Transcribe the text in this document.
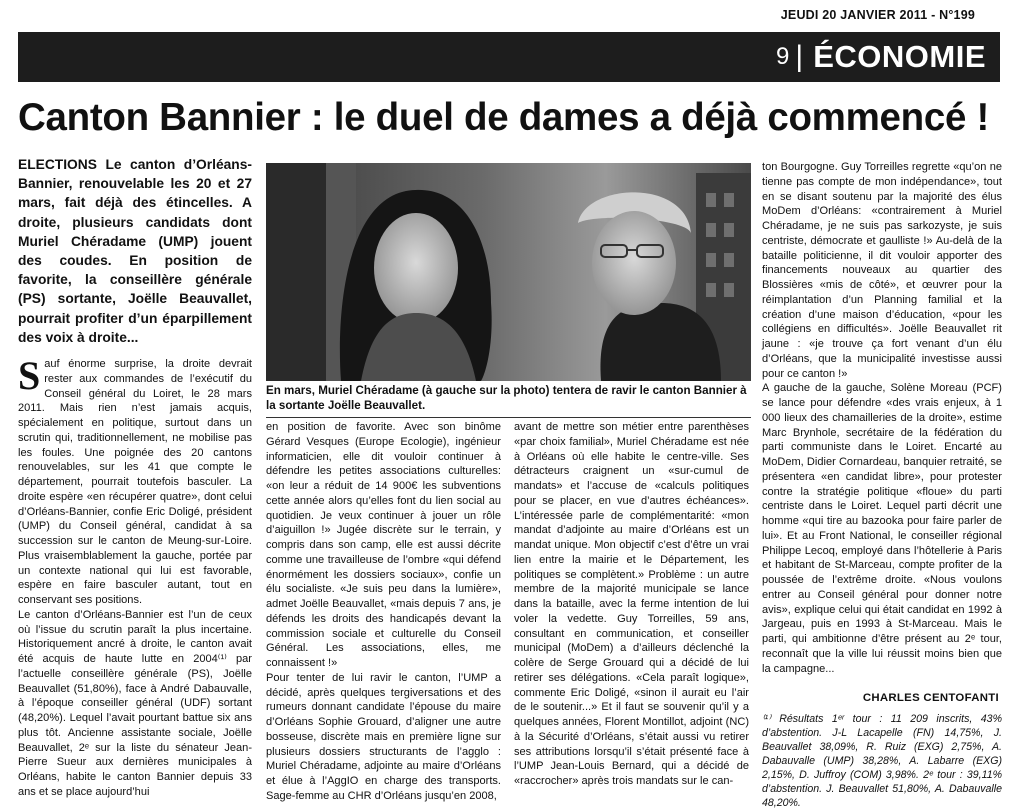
JEUDI 20 JANVIER 2011 - N°199
9 | ÉCONOMIE
Canton Bannier : le duel de dames a déjà commencé !
ELECTIONS Le canton d’Orléans-Bannier, renouvelable les 20 et 27 mars, fait déjà des étincelles. A droite, plusieurs candidats dont Muriel Chéradame (UMP) jouent des coudes. En position de favorite, la conseillère générale (PS) sortante, Joëlle Beauvallet, pourrait profiter d’un éparpillement des voix à droite...

Sauf énorme surprise, la droite devrait rester aux commandes de l’exécutif du Conseil général du Loiret, le 28 mars 2011. Mais rien n’est jamais acquis, spécialement en politique, surtout dans un scrutin qui, traditionnellement, ne mobilise pas les foules. Une poignée des 20 cantons renouvelables, sur les 41 que compte le département, pourrait toutefois basculer. La droite espère «en récupérer quatre», dont celui d’Orléans-Bannier, confie Eric Doligé, président (UMP) du Conseil général, candidat à sa succession sur le canton de Meung-sur-Loire. Plus vraisemblablement la gauche, portée par un contexte national qui lui est favorable, espère en faire basculer autant, tout en conservant ses positions.

Le canton d’Orléans-Bannier est l’un de ceux où l’issue du scrutin paraît la plus incertaine. Historiquement ancré à droite, le canton avait été acquis de haute lutte en 2004⁽¹⁾ par l’actuelle conseillère générale (PS), Joëlle Beauvallet (51,80%), face à André Dabauvalle, à l’époque conseiller général (UDF) sortant (48,20%). Lequel l’avait pourtant battue six ans plus tôt. Ancienne assistante sociale, Joëlle Beauvallet, 2ᵉ sur la liste du sénateur Jean-Pierre Sueur aux dernières municipales à Orléans, habite le canton Bannier depuis 33 ans et se place aujourd’hui

En mars, Muriel Chéradame (à gauche sur la photo) tentera de ravir le canton Bannier à la sortante Joëlle Beauvallet.

en position de favorite. Avec son binôme Gérard Vesques (Europe Ecologie), ingénieur informaticien, elle dit vouloir continuer à défendre les petites associations culturelles: «on leur a réduit de 14 900€ les subventions cette année alors qu’elles font du lien social au quotidien. Je veux continuer à jouer un rôle d’aiguillon !» Jugée discrète sur le terrain, y compris dans son camp, elle est aussi décrite comme une travailleuse de l’ombre «qui défend énormément les dossiers sociaux», confie un élu socialiste. «Je suis peu dans la lumière», admet Joëlle Beauvallet, «mais depuis 7 ans, je défends les droits des handicapés devant la commission sociale et culturelle du Conseil Général. Les associations, elles, me connaissent !»

Pour tenter de lui ravir le canton, l’UMP a décidé, après quelques tergiversations et des rumeurs donnant candidate l’épouse du maire d’Orléans Sophie Grouard, d’aligner une autre bosseuse, discrète mais en première ligne sur plusieurs dossiers structurants de l’agglo : Muriel Chéradame, adjointe au maire d’Orléans et élue à l’AggIO en charge des transports. Sage-femme au CHR d’Orléans jusqu’en 2008,

avant de mettre son métier entre parenthèses «par choix familial», Muriel Chéradame est née à Orléans où elle habite le centre-ville. Ses détracteurs craignent un «sur-cumul de mandats» et l’accuse de «calculs politiques pour se placer, en vue d’autres échéances». L’intéressée parle de complémentarité: «mon mandat d’adjointe au maire d’Orléans est un mandat unique. Mon objectif c’est d’être un vrai lien entre la mairie et le Département, les politiques se complètent.» Problème : un autre membre de la majorité municipale se lance dans la bataille, avec la ferme intention de lui voler la vedette. Guy Torreilles, 59 ans, consultant en communication, et conseiller municipal (MoDem) a d’ailleurs déclenché la colère de Serge Grouard qui a décidé de lui retirer ses délégations. «Cela paraît logique», commente Eric Doligé, «sinon il aurait eu l’air de le soutenir...» Et il faut se souvenir qu’il y a quelques années, Florent Montillot, adjoint (NC) à la Sécurité d’Orléans, s’était aussi vu retirer ses attributions lorsqu’il s’était présenté face à l’UMP Jean-Louis Bernard, qui a décidé de «raccrocher» après trois mandats sur le can-

ton Bourgogne. Guy Torreilles regrette «qu’on ne tienne pas compte de mon indépendance», tout en se disant soutenu par la majorité des élus MoDem d’Orléans: «contrairement à Muriel Chéradame, je ne suis pas sarkozyste, je suis centriste, démocrate et gaulliste !» Au-delà de la bataille politicienne, il dit vouloir apporter des financements nouveaux au quartier des Blossières «mis de côté», et œuvrer pour la réimplantation d’un Planning familial et la création d’une maison d’éducation, «pour les collégiens en difficultés». Joëlle Beauvallet rit jaune : «je trouve ça fort venant d’un élu d’Orléans, que la municipalité investisse aussi pour ce canton !»

A gauche de la gauche, Solène Moreau (PCF) se lance pour défendre «des vrais enjeux, à 1 000 lieux des chamailleries de la droite», estime Marc Brynhole, secrétaire de la fédération du parti communiste dans le Loiret. Encarté au MoDem, Didier Cornardeau, banquier retraité, se présentera «en candidat libre», pour protester contre la stratégie politique «floue» du parti centriste dans le Loiret. Lequel parti décrit une homme «qui tire au bazooka pour faire parler de lui». Et au Front National, le conseiller régional Philippe Lecoq, employé dans l’hôtellerie à Paris et habitant de St-Marceau, compte profiter de la poussée de l’extrême droite. «Nous voulons entrer au Conseil général pour donner notre avis», explique celui qui était candidat en 1992 à Jargeau, puis en 1993 à St-Marceau. Mais le parti, qui ambitionne d’être présent au 2ᵉ tour, reconnaît que la ville lui réussit moins bien que la campagne...

CHARLES CENTOFANTI
⁽¹⁾ Résultats 1ᵉʳ tour : 11 209 inscrits, 43% d’abstention. J-L Lacapelle (FN) 14,75%, J. Beauvallet 38,09%, R. Ruiz (EXG) 2,75%, A. Dabauvalle (UMP) 38,28%, A. Labarre (EXG) 2,15%, D. Juffroy (COM) 3,98%. 2ᵉ tour : 39,11% d’abstention. J. Beauvallet 51,80%, A. Dabauvalle 48,20%.
